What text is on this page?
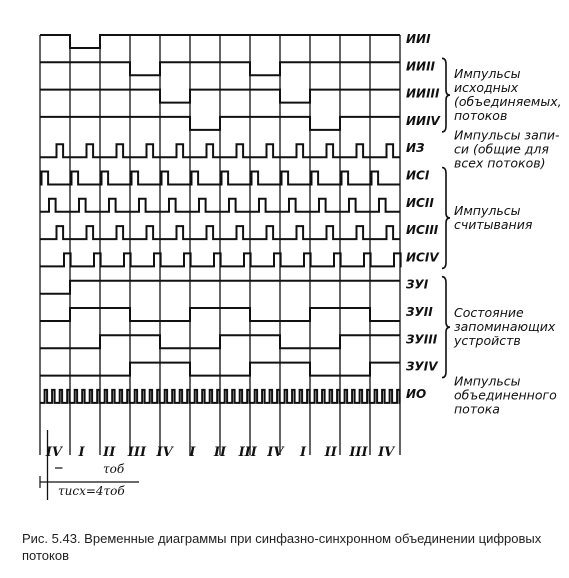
ИИI
ИИII
ИИIII
ИИIV
ИЗ
ИСI
ИСII
ИСIII
ИСIV
ЗУI
ЗУII
ЗУIII
ЗУIV
ИО
Импульсы
исходных
(объединяемых,
потоков
Импульсы запи-
си (общие для
всех потоков)
Импульсы
считывания
Состояние
запоминающих
устройств
Импульсы
объединенного
потока
IV I II III IV I II III IV I II III IV
τоб
τисх=4τоб
Рис. 5.43. Временные диаграммы при синфазно-синхронном объединении цифровых потоков
